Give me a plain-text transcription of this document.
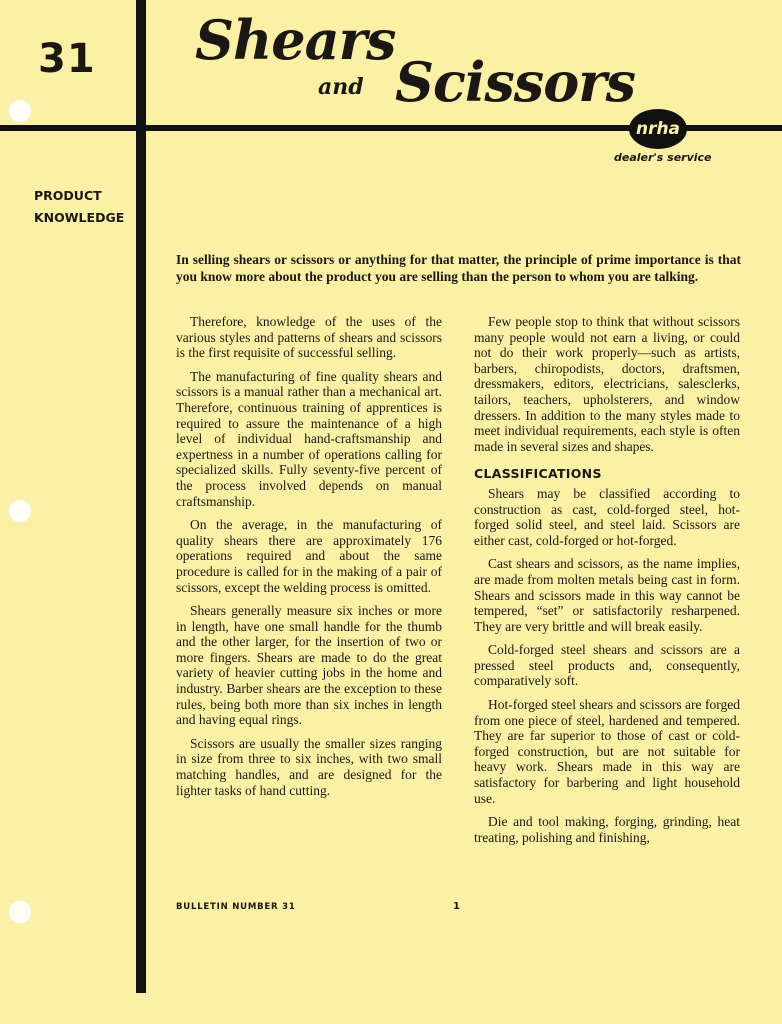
31 Shears
and Scissors
nrha
dealer's service
PRODUCT
KNOWLEDGE
In selling shears or scissors or anything for that matter, the principle of prime importance is that you know more about the product you are selling than the person to whom you are talking.

Therefore, knowledge of the uses of the various styles and patterns of shears and scissors is the first requisite of successful selling.

The manufacturing of fine quality shears and scissors is a manual rather than a mechanical art. Therefore, continuous training of apprentices is required to assure the maintenance of a high level of individual hand-craftsmanship and expertness in a number of operations calling for specialized skills. Fully seventy-five percent of the process involved depends on manual craftsmanship.

On the average, in the manufacturing of quality shears there are approximately 176 operations required and about the same procedure is called for in the making of a pair of scissors, except the welding process is omitted.

Shears generally measure six inches or more in length, have one small handle for the thumb and the other larger, for the insertion of two or more fingers. Shears are made to do the great variety of heavier cutting jobs in the home and industry. Barber shears are the exception to these rules, being both more than six inches in length and having equal rings.

Scissors are usually the smaller sizes ranging in size from three to six inches, with two small matching handles, and are designed for the lighter tasks of hand cutting.

Few people stop to think that without scissors many people would not earn a living, or could not do their work properly—such as artists, barbers, chiropodists, doctors, draftsmen, dressmakers, editors, electricians, salesclerks, tailors, teachers, upholsterers, and window dressers. In addition to the many styles made to meet individual requirements, each style is often made in several sizes and shapes.

CLASSIFICATIONS

Shears may be classified according to construction as cast, cold-forged steel, hot-forged solid steel, and steel laid. Scissors are either cast, cold-forged or hot-forged.

Cast shears and scissors, as the name implies, are made from molten metals being cast in form. Shears and scissors made in this way cannot be tempered, “set” or satisfactorily resharpened. They are very brittle and will break easily.

Cold-forged steel shears and scissors are a pressed steel products and, consequently, comparatively soft.

Hot-forged steel shears and scissors are forged from one piece of steel, hardened and tempered. They are far superior to those of cast or cold-forged construction, but are not suitable for heavy work. Shears made in this way are satisfactory for barbering and light household use.

Die and tool making, forging, grinding, heat treating, polishing and finishing,

BULLETIN NUMBER 31	1
